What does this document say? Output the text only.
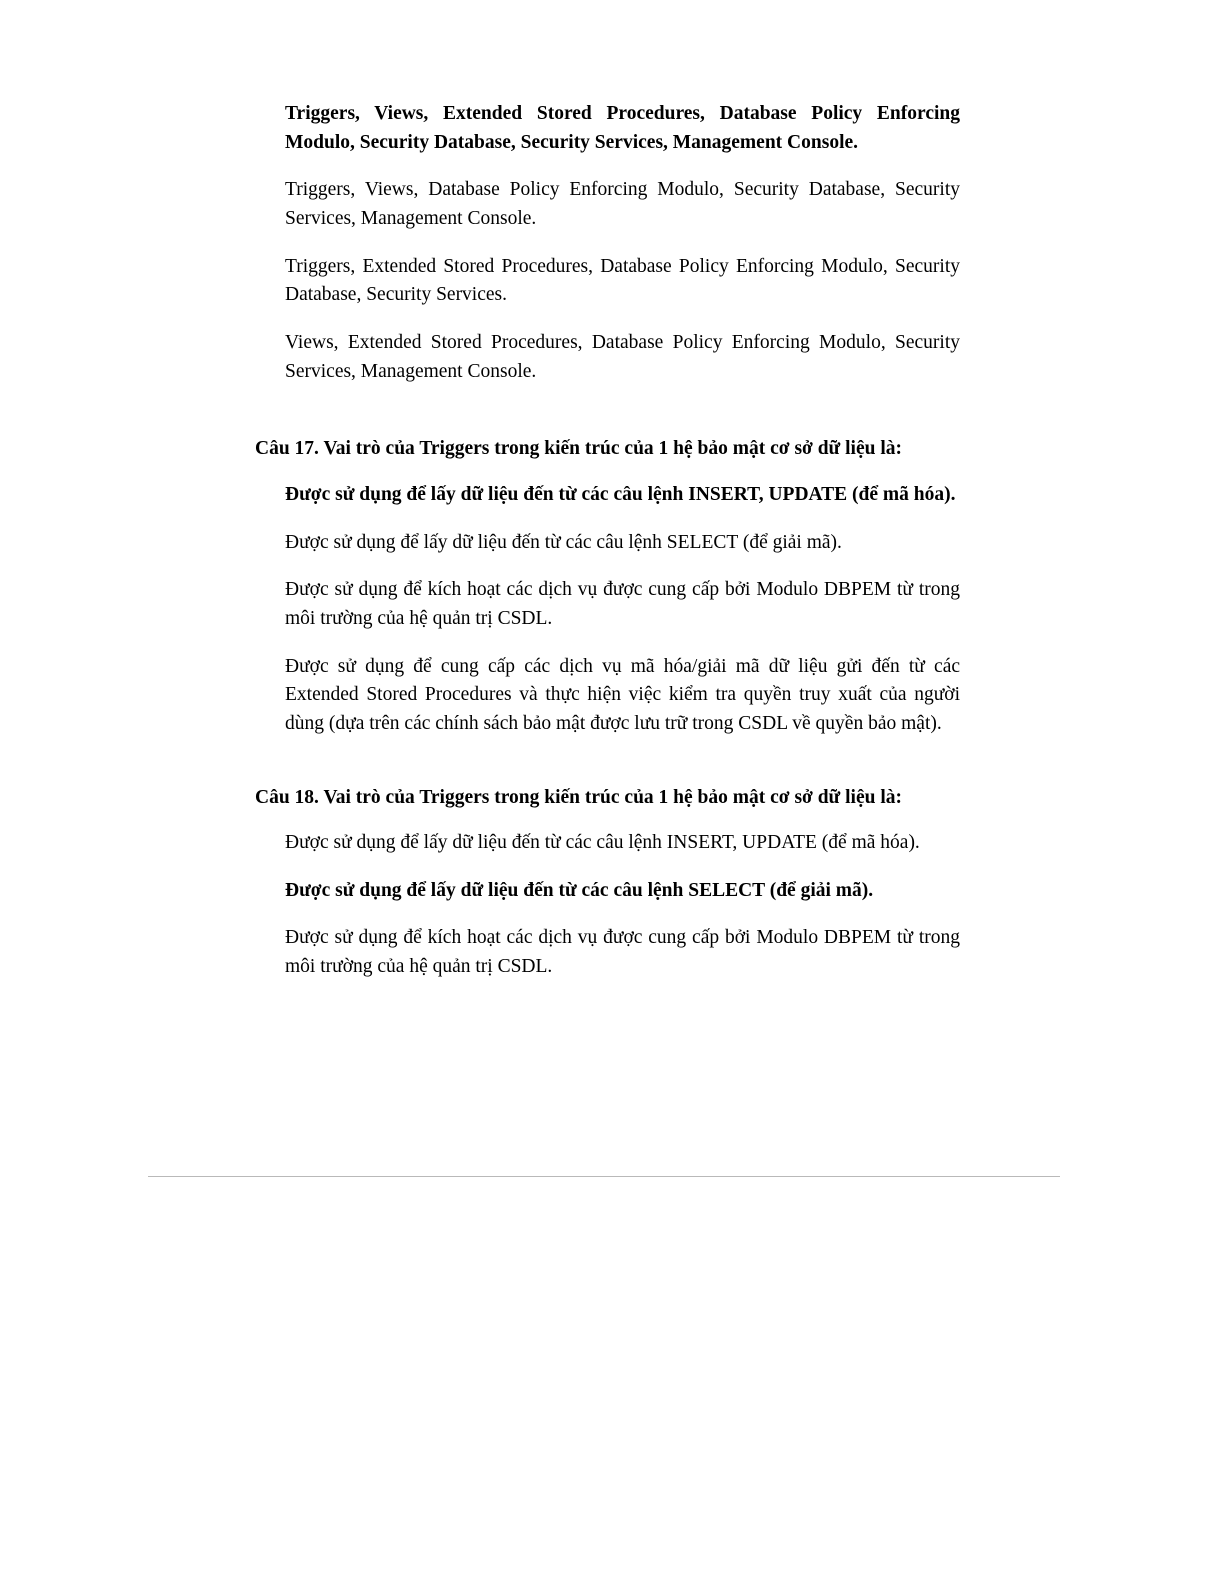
Triggers, Views, Extended Stored Procedures, Database Policy Enforcing Modulo, Security Database, Security Services, Management Console.

Triggers, Views, Database Policy Enforcing Modulo, Security Database, Security Services, Management Console.

Triggers, Extended Stored Procedures, Database Policy Enforcing Modulo, Security Database, Security Services.

Views, Extended Stored Procedures, Database Policy Enforcing Modulo, Security Services, Management Console.

Câu 17. Vai trò của Triggers trong kiến trúc của 1 hệ bảo mật cơ sở dữ liệu là:

Được sử dụng để lấy dữ liệu đến từ các câu lệnh INSERT, UPDATE (để mã hóa).

Được sử dụng để lấy dữ liệu đến từ các câu lệnh SELECT (để giải mã).

Được sử dụng để kích hoạt các dịch vụ được cung cấp bởi Modulo DBPEM từ trong môi trường của hệ quản trị CSDL.

Được sử dụng để cung cấp các dịch vụ mã hóa/giải mã dữ liệu gửi đến từ các Extended Stored Procedures và thực hiện việc kiểm tra quyền truy xuất của người dùng (dựa trên các chính sách bảo mật được lưu trữ trong CSDL về quyền bảo mật).

Câu 18. Vai trò của Triggers trong kiến trúc của 1 hệ bảo mật cơ sở dữ liệu là:

Được sử dụng để lấy dữ liệu đến từ các câu lệnh INSERT, UPDATE (để mã hóa).

Được sử dụng để lấy dữ liệu đến từ các câu lệnh SELECT (để giải mã).

Được sử dụng để kích hoạt các dịch vụ được cung cấp bởi Modulo DBPEM từ trong môi trường của hệ quản trị CSDL.
